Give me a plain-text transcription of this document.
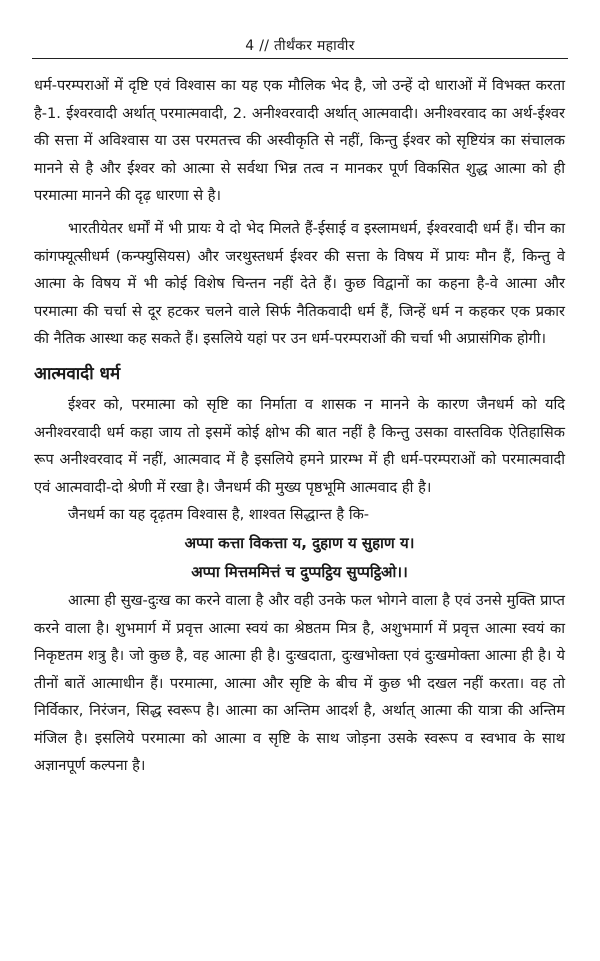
4 // तीर्थंकर महावीर

धर्म-परम्पराओं में दृष्टि एवं विश्वास का यह एक मौलिक भेद है, जो उन्हें दो धाराओं में विभक्त करता है-1. ईश्वरवादी अर्थात् परमात्मवादी, 2. अनीश्वरवादी अर्थात् आत्मवादी। अनीश्वरवाद का अर्थ-ईश्वर की सत्ता में अविश्वास या उस परमतत्त्व की अस्वीकृति से नहीं, किन्तु ईश्वर को सृष्टियंत्र का संचालक मानने से है और ईश्वर को आत्मा से सर्वथा भिन्न तत्व न मानकर पूर्ण विकसित शुद्ध आत्मा को ही परमात्मा मानने की दृढ़ धारणा से है।

भारतीयेतर धर्मों में भी प्रायः ये दो भेद मिलते हैं-ईसाई व इस्लामधर्म, ईश्वरवादी धर्म हैं। चीन का कांगफ्यूत्सीधर्म (कन्फ्युसियस) और जरथुस्तधर्म ईश्वर की सत्ता के विषय में प्रायः मौन हैं, किन्तु वे आत्मा के विषय में भी कोई विशेष चिन्तन नहीं देते हैं। कुछ विद्वानों का कहना है-वे आत्मा और परमात्मा की चर्चा से दूर हटकर चलने वाले सिर्फ नैतिकवादी धर्म हैं, जिन्हें धर्म न कहकर एक प्रकार की नैतिक आस्था कह सकते हैं। इसलिये यहां पर उन धर्म-परम्पराओं की चर्चा भी अप्रासंगिक होगी।

आत्मवादी धर्म

ईश्वर को, परमात्मा को सृष्टि का निर्माता व शासक न मानने के कारण जैनधर्म को यदि अनीश्वरवादी धर्म कहा जाय तो इसमें कोई क्षोभ की बात नहीं है किन्तु उसका वास्तविक ऐतिहासिक रूप अनीश्वरवाद में नहीं, आत्मवाद में है इसलिये हमने प्रारम्भ में ही धर्म-परम्पराओं को परमात्मवादी एवं आत्मवादी-दो श्रेणी में रखा है। जैनधर्म की मुख्य पृष्ठभूमि आत्मवाद ही है।

जैनधर्म का यह दृढ़तम विश्वास है, शाश्वत सिद्धान्त है कि-

अप्पा कत्ता विकत्ता य, दुहाण य सुहाण य।
अप्पा मित्तममित्तं च दुप्पट्ठिय सुप्पट्ठिओ।।

आत्मा ही सुख-दुःख का करने वाला है और वही उनके फल भोगने वाला है एवं उनसे मुक्ति प्राप्त करने वाला है। शुभमार्ग में प्रवृत्त आत्मा स्वयं का श्रेष्ठतम मित्र है, अशुभमार्ग में प्रवृत्त आत्मा स्वयं का निकृष्टतम शत्रु है। जो कुछ है, वह आत्मा ही है। दुःखदाता, दुःखभोक्ता एवं दुःखमोक्ता आत्मा ही है। ये तीनों बातें आत्माधीन हैं। परमात्मा, आत्मा और सृष्टि के बीच में कुछ भी दखल नहीं करता। वह तो निर्विकार, निरंजन, सिद्ध स्वरूप है। आत्मा का अन्तिम आदर्श है, अर्थात् आत्मा की यात्रा की अन्तिम मंजिल है। इसलिये परमात्मा को आत्मा व सृष्टि के साथ जोड़ना उसके स्वरूप व स्वभाव के साथ अज्ञानपूर्ण कल्पना है।
